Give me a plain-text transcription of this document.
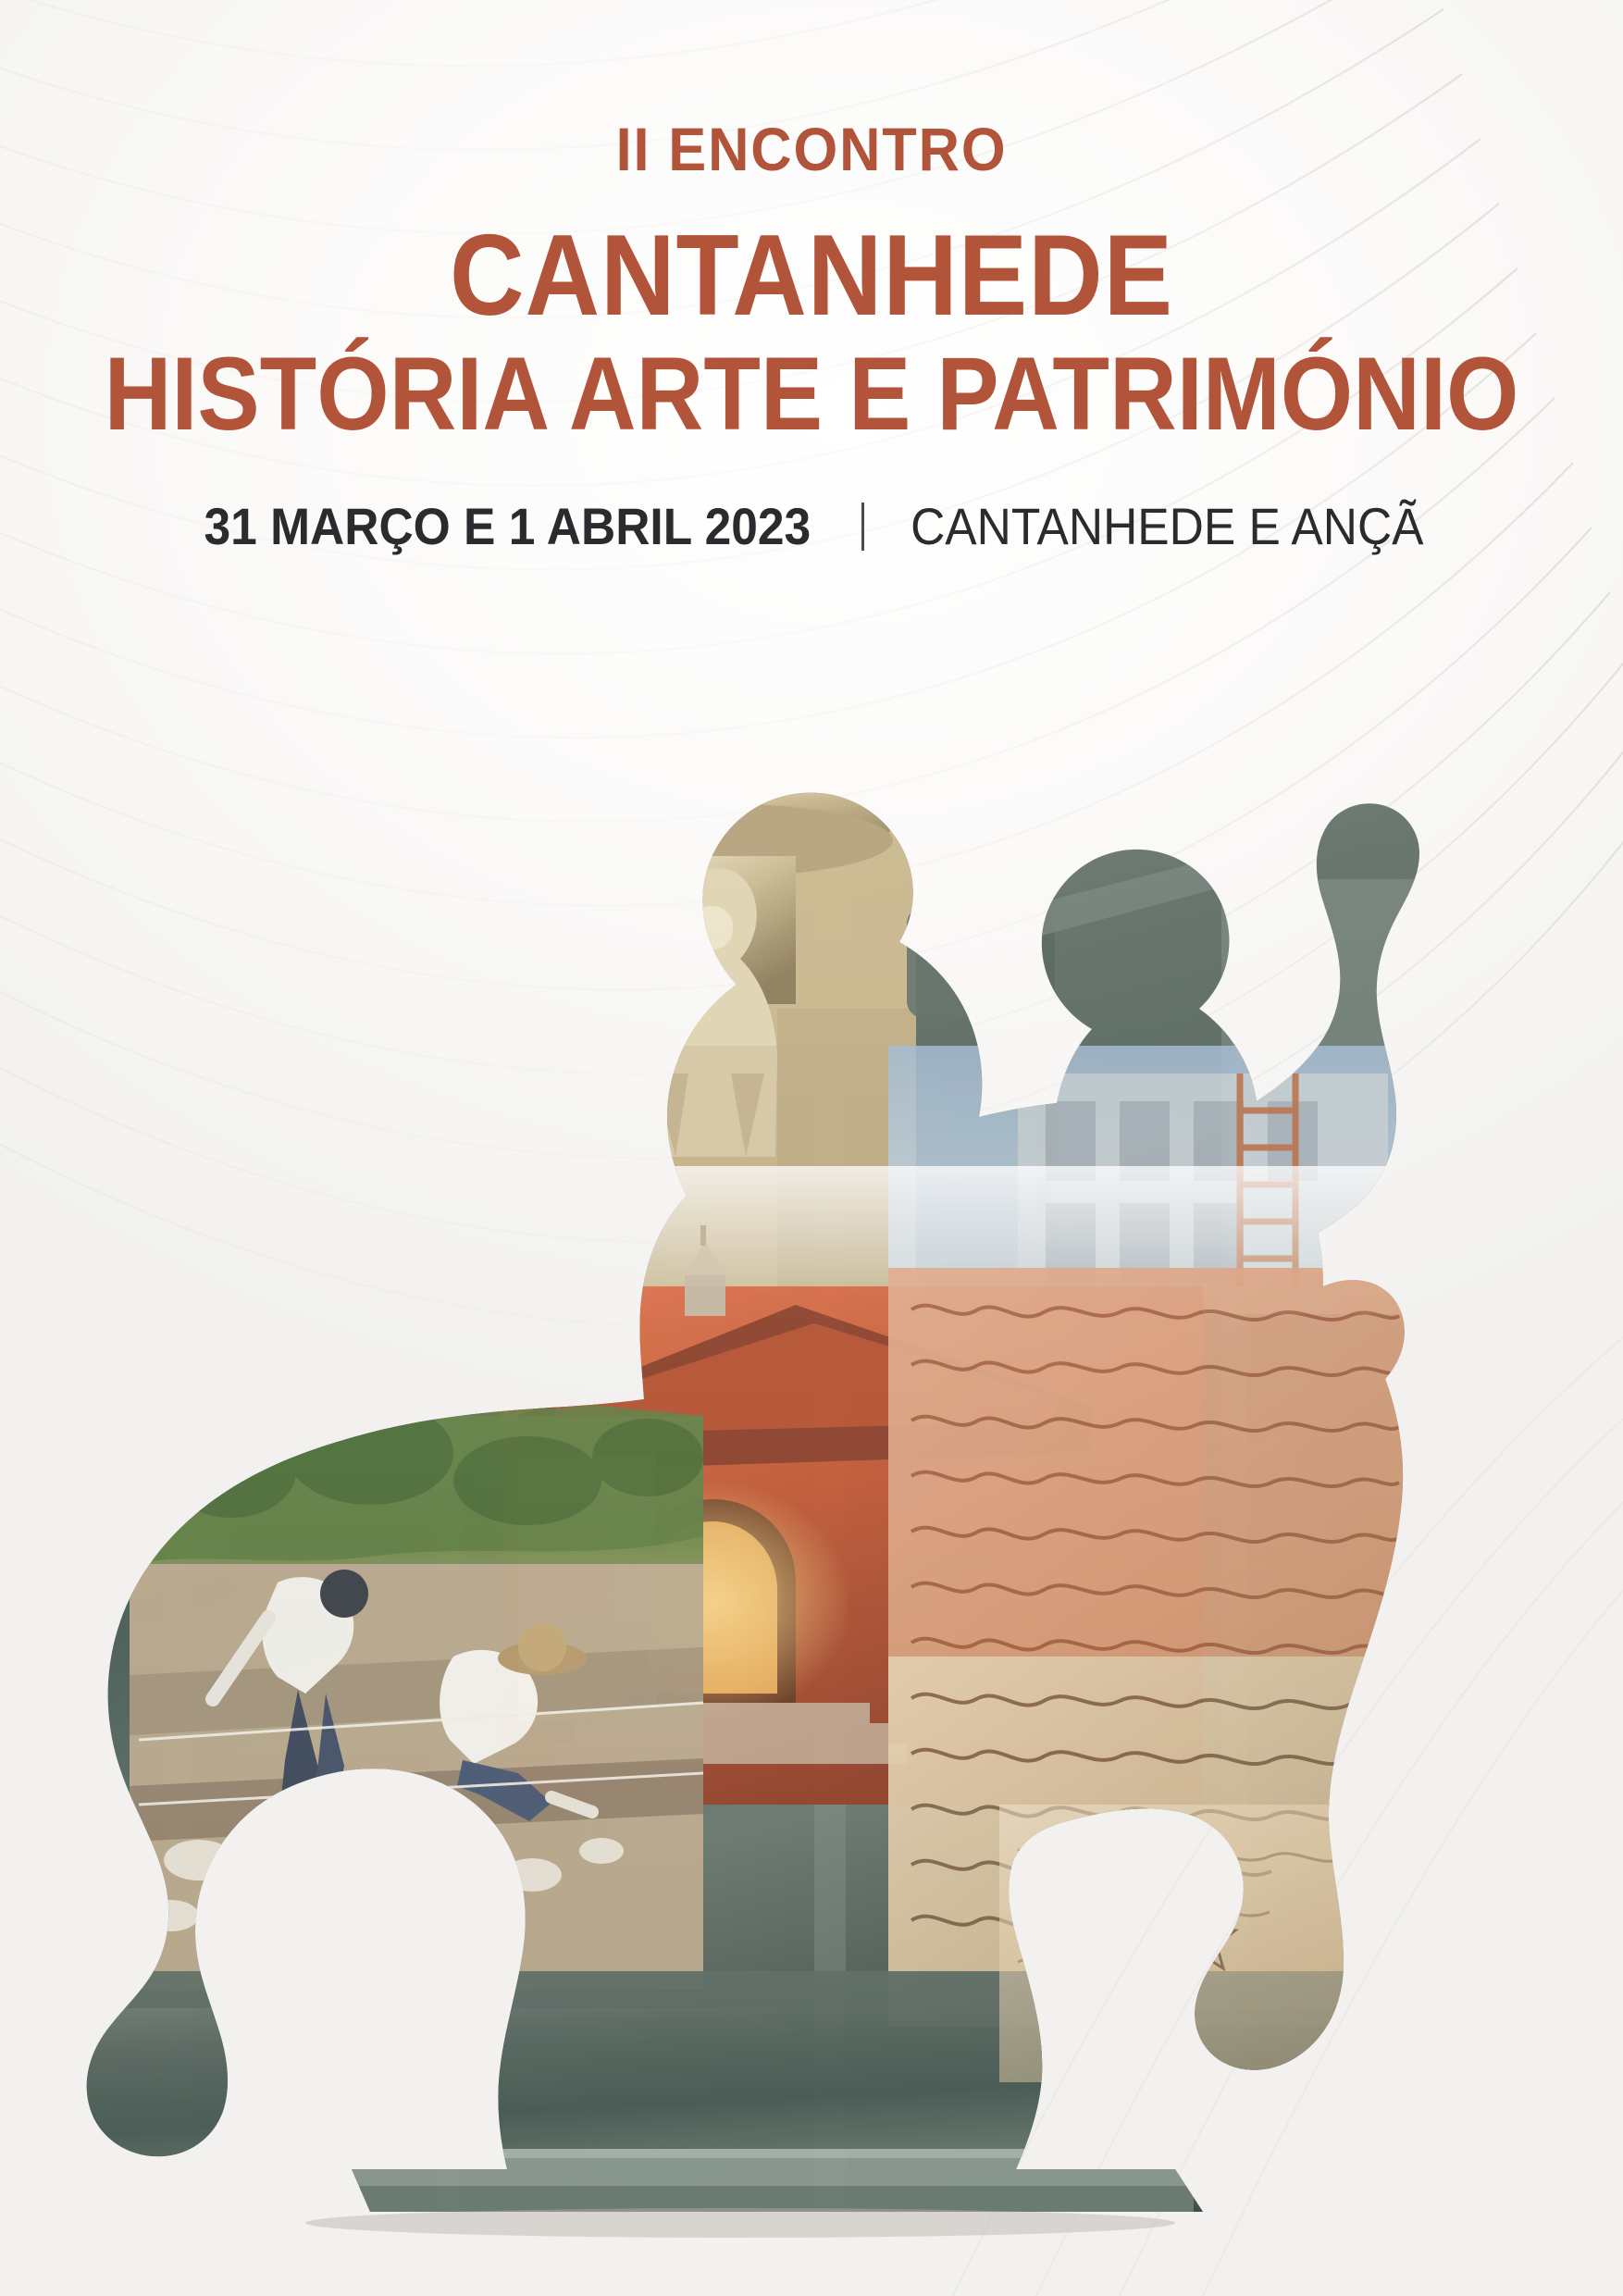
II ENCONTRO
CANTANHEDE
HISTÓRIA ARTE E PATRIMÓNIO
31 MARÇO E 1 ABRIL 2023 CANTANHEDE E ANÇÃ
